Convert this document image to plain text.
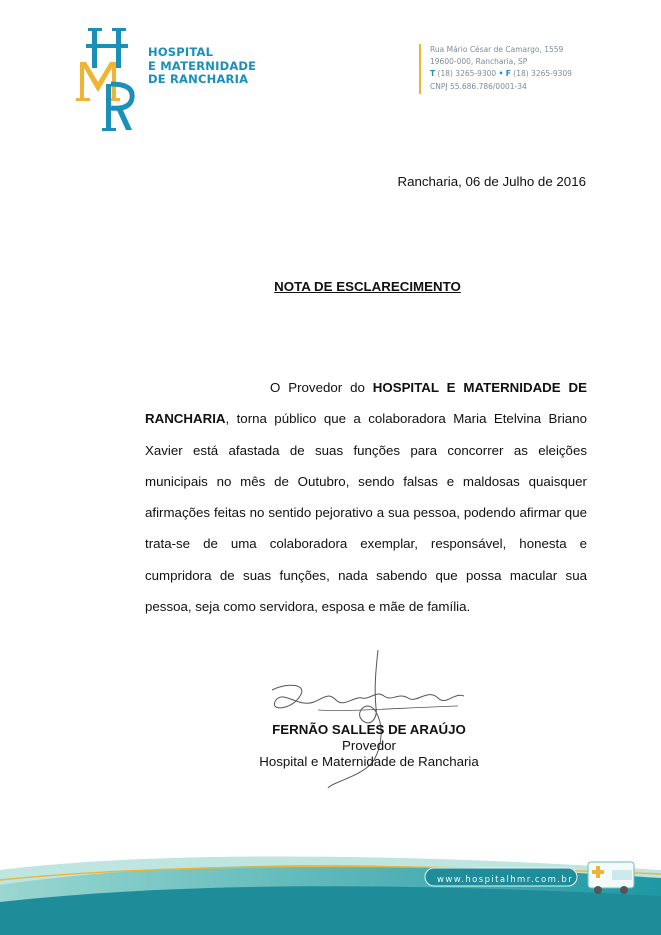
HOSPITAL
E MATERNIDADE
DE RANCHARIA
Rua Mário César de Camargo, 1559
19600-000, Rancharia, SP
T (18) 3265-9300 • F (18) 3265-9309
CNPJ 55.686.786/0001-34
Rancharia, 06 de Julho de 2016
NOTA DE ESCLARECIMENTO
O Provedor do HOSPITAL E MATERNIDADE DE RANCHARIA, torna público que a colaboradora Maria Etelvina Briano Xavier está afastada de suas funções para concorrer as eleições municipais no mês de Outubro, sendo falsas e maldosas quaisquer afirmações feitas no sentido pejorativo a sua pessoa, podendo afirmar que trata-se de uma colaboradora exemplar, responsável, honesta e cumpridora de suas funções, nada sabendo que possa macular sua pessoa, seja como servidora, esposa e mãe de família.
FERNÃO SALLES DE ARAÚJO
Provedor
Hospital e Maternidade de Rancharia
www.hospitalhmr.com.br
